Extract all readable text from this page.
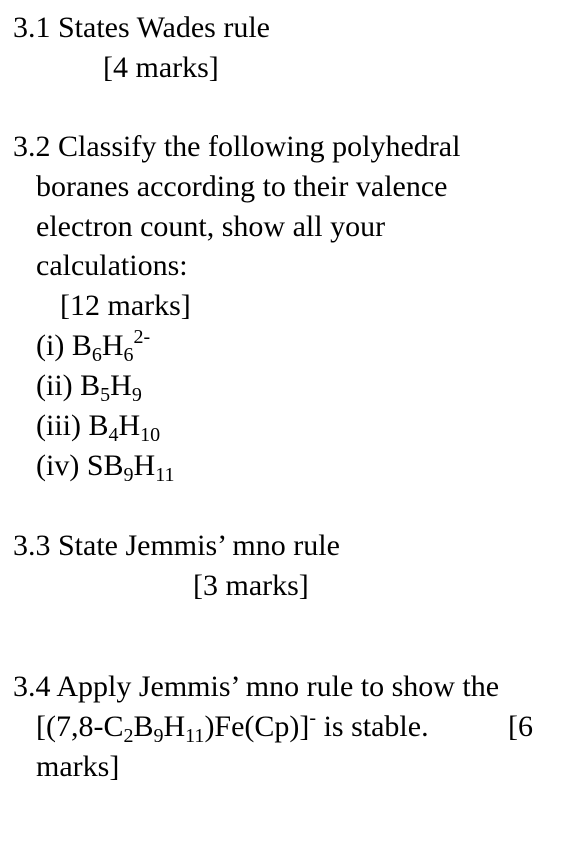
3.1 States Wades rule
[4 marks]
3.2 Classify the following polyhedral
boranes according to their valence
electron count, show all your
calculations:
[12 marks]
(i) $B_6H_6^{2-}$
(ii) $B_5H_9$
(iii) $B_4H_{10}$
(iv) $SB_9H_{11}$
3.3 State Jemmis’ mno rule
[3 marks]
3.4 Apply Jemmis’ mno rule to show the
$[(7,8-C_2B_9H_{11})Fe(Cp)]^-$ is stable.	[6
marks]
